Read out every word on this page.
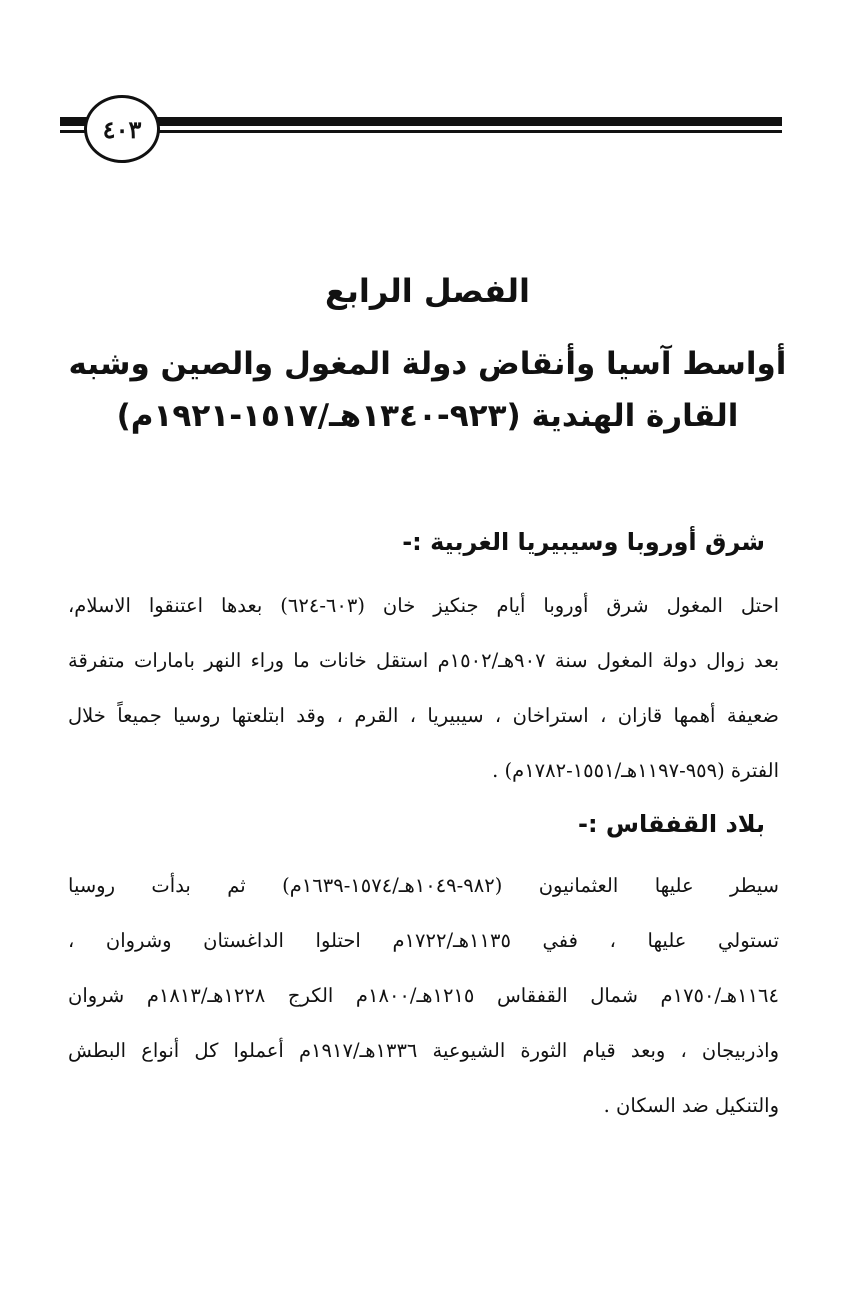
٤٠٣
الفصل الرابع
أواسط آسيا وأنقاض دولة المغول والصين وشبه
القارة الهندية (٩٢٣-١٣٤٠هـ/١٥١٧-١٩٢١م)
شرق أوروبا وسيبيريا الغربية :-
احتل المغول شرق أوروبا أيام جنكيز خان (٦٠٣-٦٢٤) بعدها اعتنقوا الاسلام،
بعد زوال دولة المغول سنة ٩٠٧هـ/١٥٠٢م استقل خانات ما وراء النهر بامارات متفرقة
ضعيفة أهمها قازان ، استراخان ، سيبيريا ، القرم ، وقد ابتلعتها روسيا جميعاً خلال
الفترة (٩٥٩-١١٩٧هـ/١٥٥١-١٧٨٢م) .
بلاد القفقاس :-
سيطر عليها العثمانيون (٩٨٢-١٠٤٩هـ/١٥٧٤-١٦٣٩م) ثم بدأت روسيا
تستولي عليها ، ففي ١١٣٥هـ/١٧٢٢م احتلوا الداغستان وشروان ،
١١٦٤هـ/١٧٥٠م شمال القفقاس ١٢١٥هـ/١٨٠٠م الكرج ١٢٢٨هـ/١٨١٣م شروان
واذربيجان ، وبعد قيام الثورة الشيوعية ١٣٣٦هـ/١٩١٧م أعملوا كل أنواع البطش
والتنكيل ضد السكان .
